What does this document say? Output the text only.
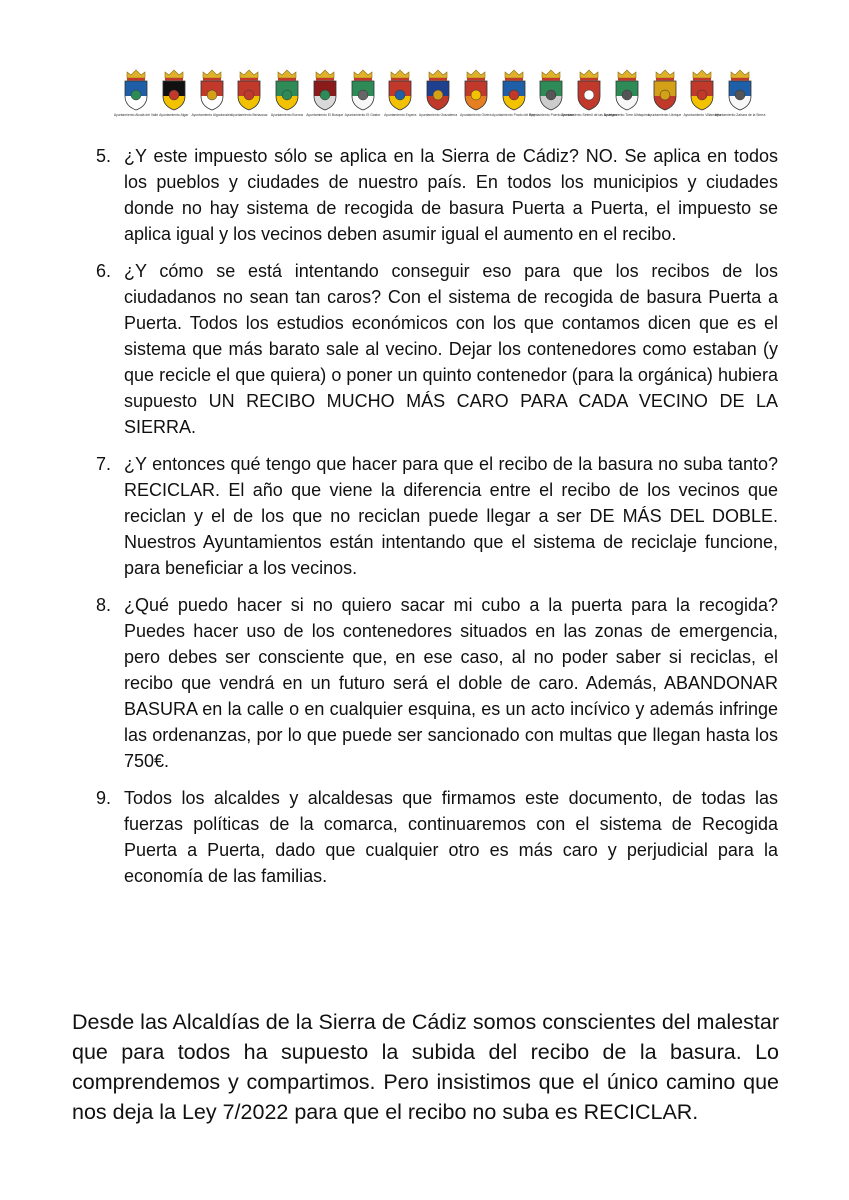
Ayuntamiento Alcalá del Valle Ayuntamiento Algar Ayuntamiento Algodonales Ayuntamiento Benaocaz Ayuntamiento Bornos Ayuntamiento El Bosque Ayuntamiento El Gastor Ayuntamiento Espera Ayuntamiento Grazalema Ayuntamiento Olvera Ayuntamiento Prado del Rey
Ayuntamiento Puerto Serrano
Ayuntamiento Setenil de las Bodegas
Ayuntamiento Torre Alháquime
Ayuntamiento Ubrique Ayuntamiento Villamartín
Ayuntamiento Zahara de la Sierra
5. ¿Y este impuesto sólo se aplica en la Sierra de Cádiz? NO. Se aplica en todos los pueblos y ciudades de nuestro país. En todos los municipios y ciudades donde no hay sistema de recogida de basura Puerta a Puerta, el impuesto se aplica igual y los vecinos deben asumir igual el aumento en el recibo.
6. ¿Y cómo se está intentando conseguir eso para que los recibos de los ciudadanos no sean tan caros? Con el sistema de recogida de basura Puerta a Puerta. Todos los estudios económicos con los que contamos dicen que es el sistema que más barato sale al vecino. Dejar los contenedores como estaban (y que recicle el que quiera) o poner un quinto contenedor (para la orgánica) hubiera supuesto UN RECIBO MUCHO MÁS CARO PARA CADA VECINO DE LA SIERRA.
7. ¿Y entonces qué tengo que hacer para que el recibo de la basura no suba tanto? RECICLAR. El año que viene la diferencia entre el recibo de los vecinos que reciclan y el de los que no reciclan puede llegar a ser DE MÁS DEL DOBLE. Nuestros Ayuntamientos están intentando que el sistema de reciclaje funcione, para beneficiar a los vecinos.
8. ¿Qué puedo hacer si no quiero sacar mi cubo a la puerta para la recogida? Puedes hacer uso de los contenedores situados en las zonas de emergencia, pero debes ser consciente que, en ese caso, al no poder saber si reciclas, el recibo que vendrá en un futuro será el doble de caro. Además, ABANDONAR BASURA en la calle o en cualquier esquina, es un acto incívico y además infringe las ordenanzas, por lo que puede ser sancionado con multas que llegan hasta los 750€.
9. Todos los alcaldes y alcaldesas que firmamos este documento, de todas las fuerzas políticas de la comarca, continuaremos con el sistema de Recogida Puerta a Puerta, dado que cualquier otro es más caro y perjudicial para la economía de las familias.

Desde las Alcaldías de la Sierra de Cádiz somos conscientes del malestar que para todos ha supuesto la subida del recibo de la basura. Lo comprendemos y compartimos. Pero insistimos que el único camino que nos deja la Ley 7/2022 para que el recibo no suba es RECICLAR.
